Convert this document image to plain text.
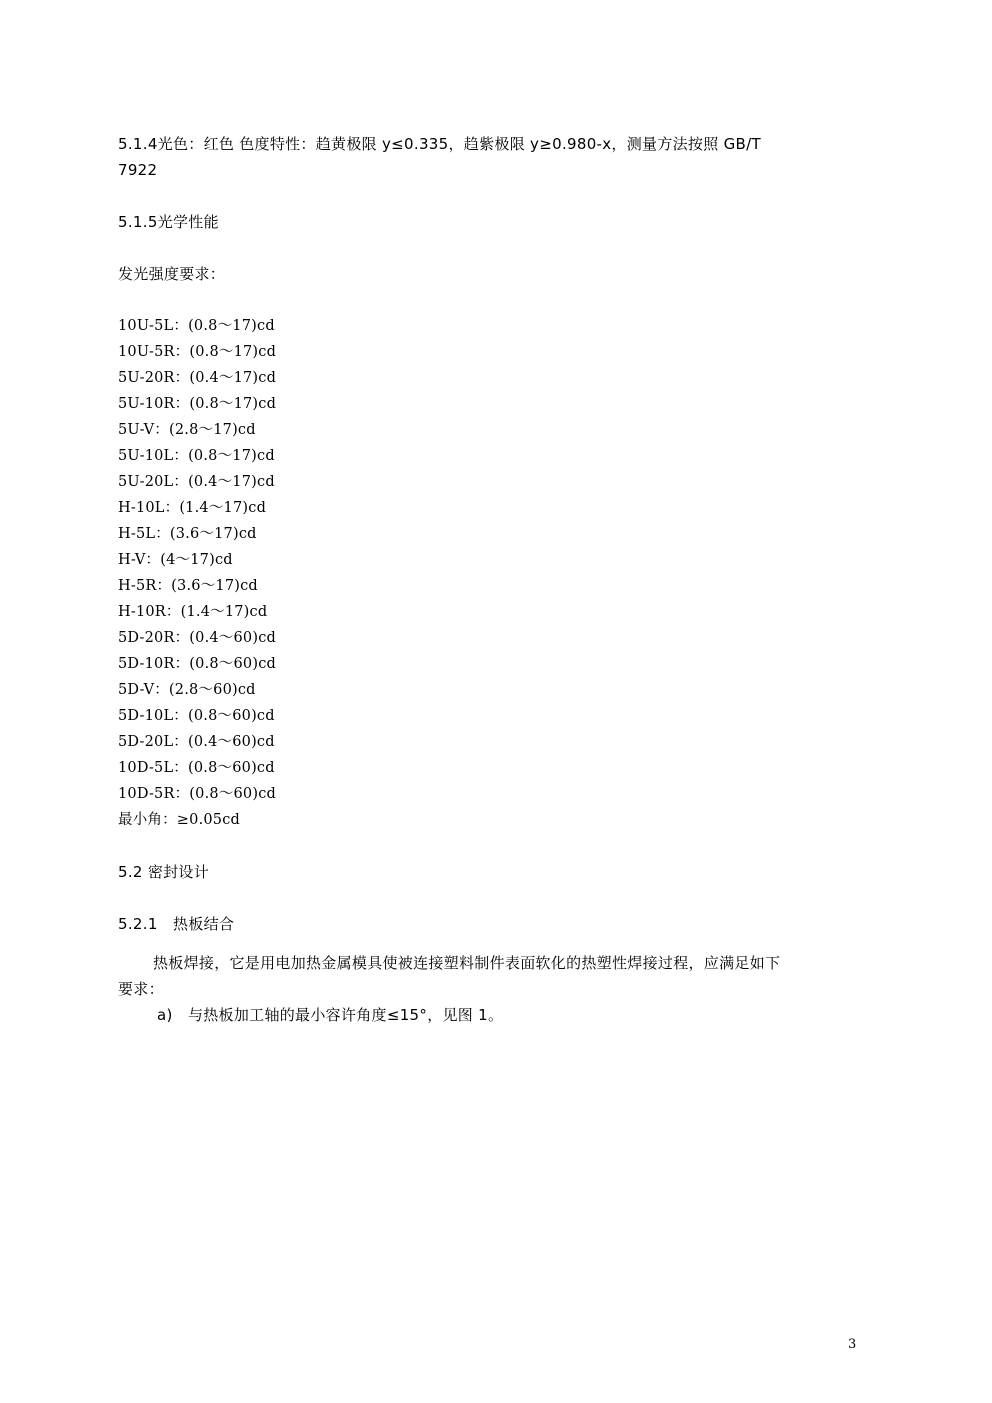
5.1.4光色：红色 色度特性：趋黄极限 y≤0.335，趋紫极限 y≥0.980-x，测量方法按照 GB/T
7922
5.1.5光学性能
发光强度要求：
10U-5L：(0.8～17)cd
10U-5R：(0.8～17)cd
5U-20R：(0.4～17)cd
5U-10R：(0.8～17)cd
5U-V：(2.8～17)cd
5U-10L：(0.8～17)cd
5U-20L：(0.4～17)cd
H-10L：(1.4～17)cd
H-5L：(3.6～17)cd
H-V：(4～17)cd
H-5R：(3.6～17)cd
H-10R：(1.4～17)cd
5D-20R：(0.4～60)cd
5D-10R：(0.8～60)cd
5D-V：(2.8～60)cd
5D-10L：(0.8～60)cd
5D-20L：(0.4～60)cd
10D-5L：(0.8～60)cd
10D-5R：(0.8～60)cd
最小角：≥0.05cd
5.2 密封设计
5.2.1　热板结合
热板焊接，它是用电加热金属模具使被连接塑料制件表面软化的热塑性焊接过程，应满足如下
要求：
a)　与热板加工轴的最小容许角度≤15°，见图 1。
3
